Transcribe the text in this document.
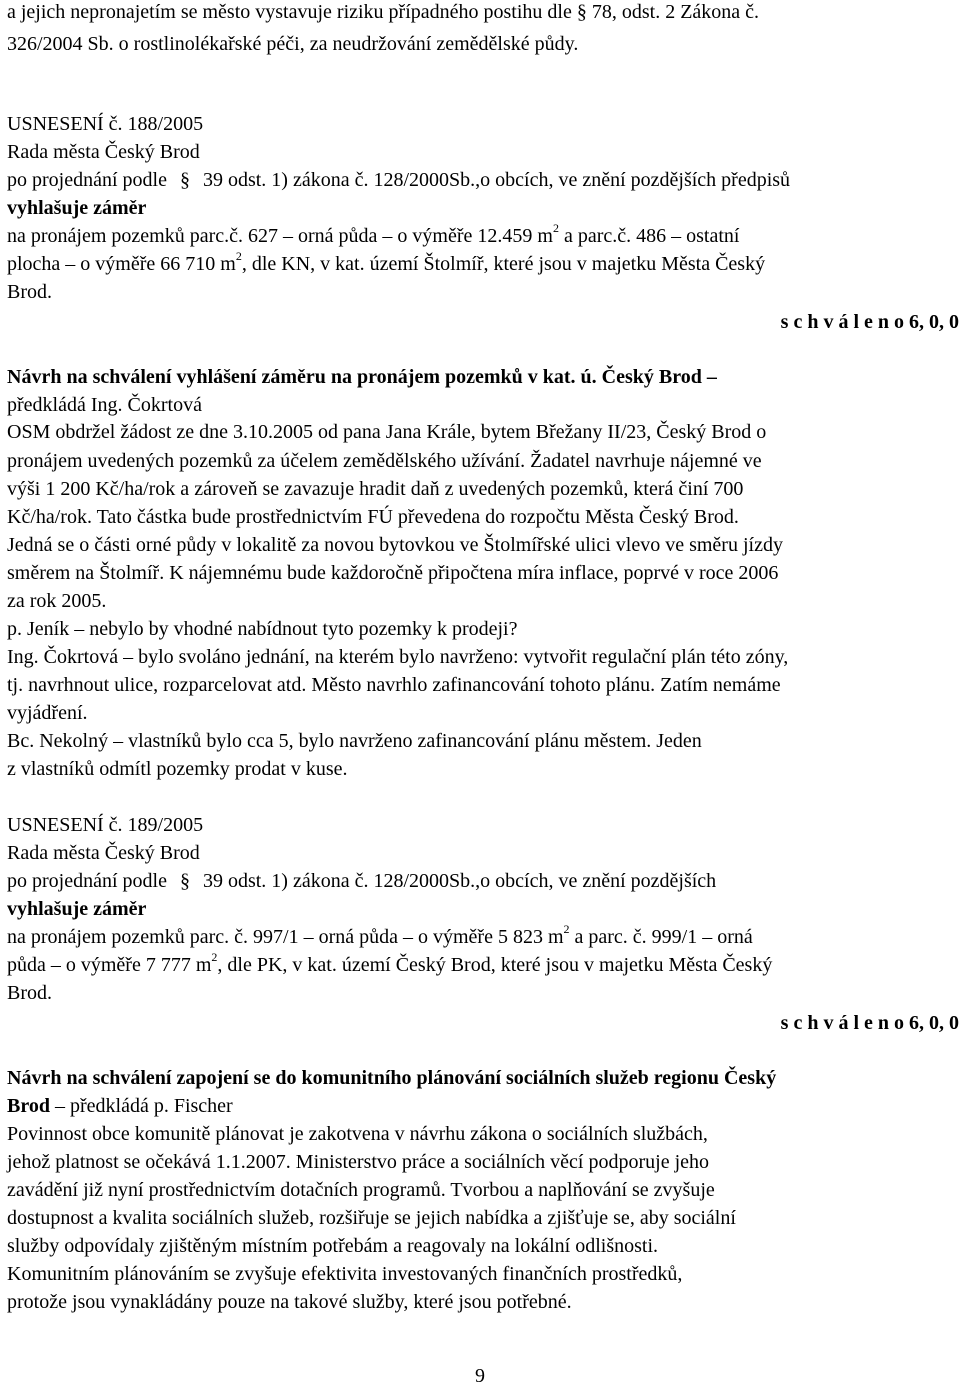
a jejich nepronajetím se město vystavuje riziku případného postihu dle § 78, odst. 2 Zákona č.
326/2004 Sb. o rostlinolékařské péči, za neudržování zemědělské půdy.
USNESENÍ č. 188/2005
Rada města Český Brod
po projednání podle § 39 odst. 1) zákona č. 128/2000Sb.,o obcích, ve znění pozdějších předpisů
vyhlašuje záměr
na pronájem pozemků parc.č. 627 – orná půda – o výměře 12.459 $m^2$ a parc.č. 486 – ostatní
plocha – o výměře 66 710 $m^2$, dle KN, v kat. území Štolmíř, které jsou v majetku Města Český
Brod.
s c h v á l e n o 6, 0, 0
Návrh na schválení vyhlášení záměru na pronájem pozemků v kat. ú. Český Brod –
předkládá Ing. Čokrtová
OSM obdržel žádost ze dne 3.10.2005 od pana Jana Krále, bytem Břežany II/23, Český Brod o
pronájem uvedených pozemků za účelem zemědělského užívání. Žadatel navrhuje nájemné ve
výši 1 200 Kč/ha/rok a zároveň se zavazuje hradit daň z uvedených pozemků, která činí 700
Kč/ha/rok. Tato částka bude prostřednictvím FÚ převedena do rozpočtu Města Český Brod.
Jedná se o části orné půdy v lokalitě za novou bytovkou ve Štolmířské ulici vlevo ve směru jízdy
směrem na Štolmíř. K nájemnému bude každoročně připočtena míra inflace, poprvé v roce 2006
za rok 2005.
p. Jeník – nebylo by vhodné nabídnout tyto pozemky k prodeji?
Ing. Čokrtová – bylo svoláno jednání, na kterém bylo navrženo: vytvořit regulační plán této zóny,
tj. navrhnout ulice, rozparcelovat atd. Město navrhlo zafinancování tohoto plánu. Zatím nemáme
vyjádření.
Bc. Nekolný – vlastníků bylo cca 5, bylo navrženo zafinancování plánu městem. Jeden
z vlastníků odmítl pozemky prodat v kuse.
USNESENÍ č. 189/2005
Rada města Český Brod
po projednání podle § 39 odst. 1) zákona č. 128/2000Sb.,o obcích, ve znění pozdějších
vyhlašuje záměr
na pronájem pozemků parc. č. 997/1 – orná půda – o výměře 5 823 $m^2$ a parc. č. 999/1 – orná
půda – o výměře 7 777 $m^2$, dle PK, v kat. území Český Brod, které jsou v majetku Města Český
Brod.
s c h v á l e n o 6, 0, 0
Návrh na schválení zapojení se do komunitního plánování sociálních služeb regionu Český
Brod – předkládá p. Fischer
Povinnost obce komunitě plánovat je zakotvena v návrhu zákona o sociálních službách,
jehož platnost se očekává 1.1.2007. Ministerstvo práce a sociálních věcí podporuje jeho
zavádění již nyní prostřednictvím dotačních programů. Tvorbou a naplňování se zvyšuje
dostupnost a kvalita sociálních služeb, rozšiřuje se jejich nabídka a zjišťuje se, aby sociální
služby odpovídaly zjištěným místním potřebám a reagovaly na lokální odlišnosti.
Komunitním plánováním se zvyšuje efektivita investovaných finančních prostředků,
protože jsou vynakládány pouze na takové služby, které jsou potřebné.
9
